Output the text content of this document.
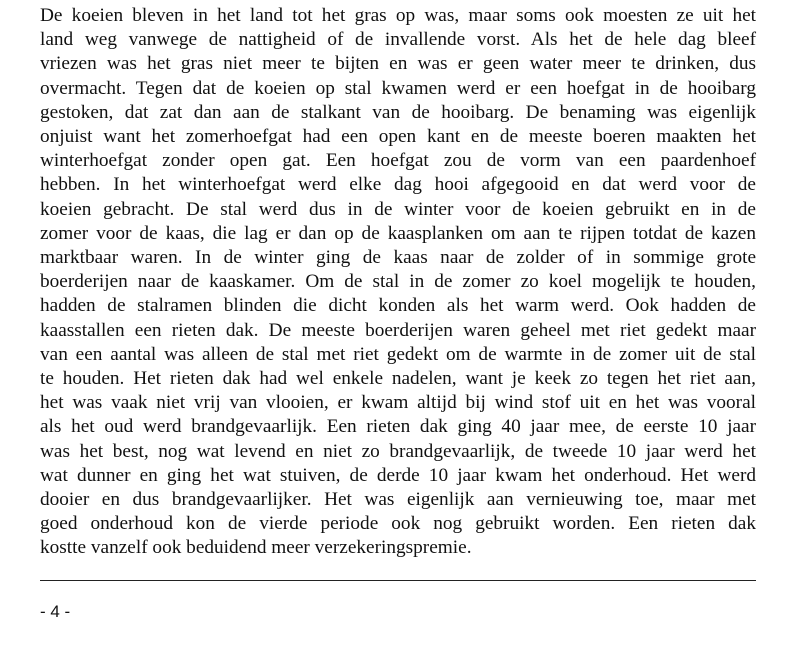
De koeien bleven in het land tot het gras op was, maar soms ook moesten ze uit het
land weg vanwege de nattigheid of de invallende vorst. Als het de hele dag bleef
vriezen was het gras niet meer te bijten en was er geen water meer te drinken, dus
overmacht. Tegen dat de koeien op stal kwamen werd er een hoefgat in de hooibarg
gestoken, dat zat dan aan de stalkant van de hooibarg. De benaming was eigenlijk
onjuist want het zomerhoefgat had een open kant en de meeste boeren maakten het
winterhoefgat zonder open gat. Een hoefgat zou de vorm van een paardenhoef
hebben. In het winterhoefgat werd elke dag hooi afgegooid en dat werd voor de
koeien gebracht. De stal werd dus in de winter voor de koeien gebruikt en in de
zomer voor de kaas, die lag er dan op de kaasplanken om aan te rijpen totdat de kazen
marktbaar waren. In de winter ging de kaas naar de zolder of in sommige grote
boerderijen naar de kaaskamer. Om de stal in de zomer zo koel mogelijk te houden,
hadden de stalramen blinden die dicht konden als het warm werd. Ook hadden de
kaasstallen een rieten dak. De meeste boerderijen waren geheel met riet gedekt maar
van een aantal was alleen de stal met riet gedekt om de warmte in de zomer uit de stal
te houden. Het rieten dak had wel enkele nadelen, want je keek zo tegen het riet aan,
het was vaak niet vrij van vlooien, er kwam altijd bij wind stof uit en het was vooral
als het oud werd brandgevaarlijk. Een rieten dak ging 40 jaar mee, de eerste 10 jaar
was het best, nog wat levend en niet zo brandgevaarlijk, de tweede 10 jaar werd het
wat dunner en ging het wat stuiven, de derde 10 jaar kwam het onderhoud. Het werd
dooier en dus brandgevaarlijker. Het was eigenlijk aan vernieuwing toe, maar met
goed onderhoud kon de vierde periode ook nog gebruikt worden. Een rieten dak
kostte vanzelf ook beduidend meer verzekeringspremie.

- 4 -
